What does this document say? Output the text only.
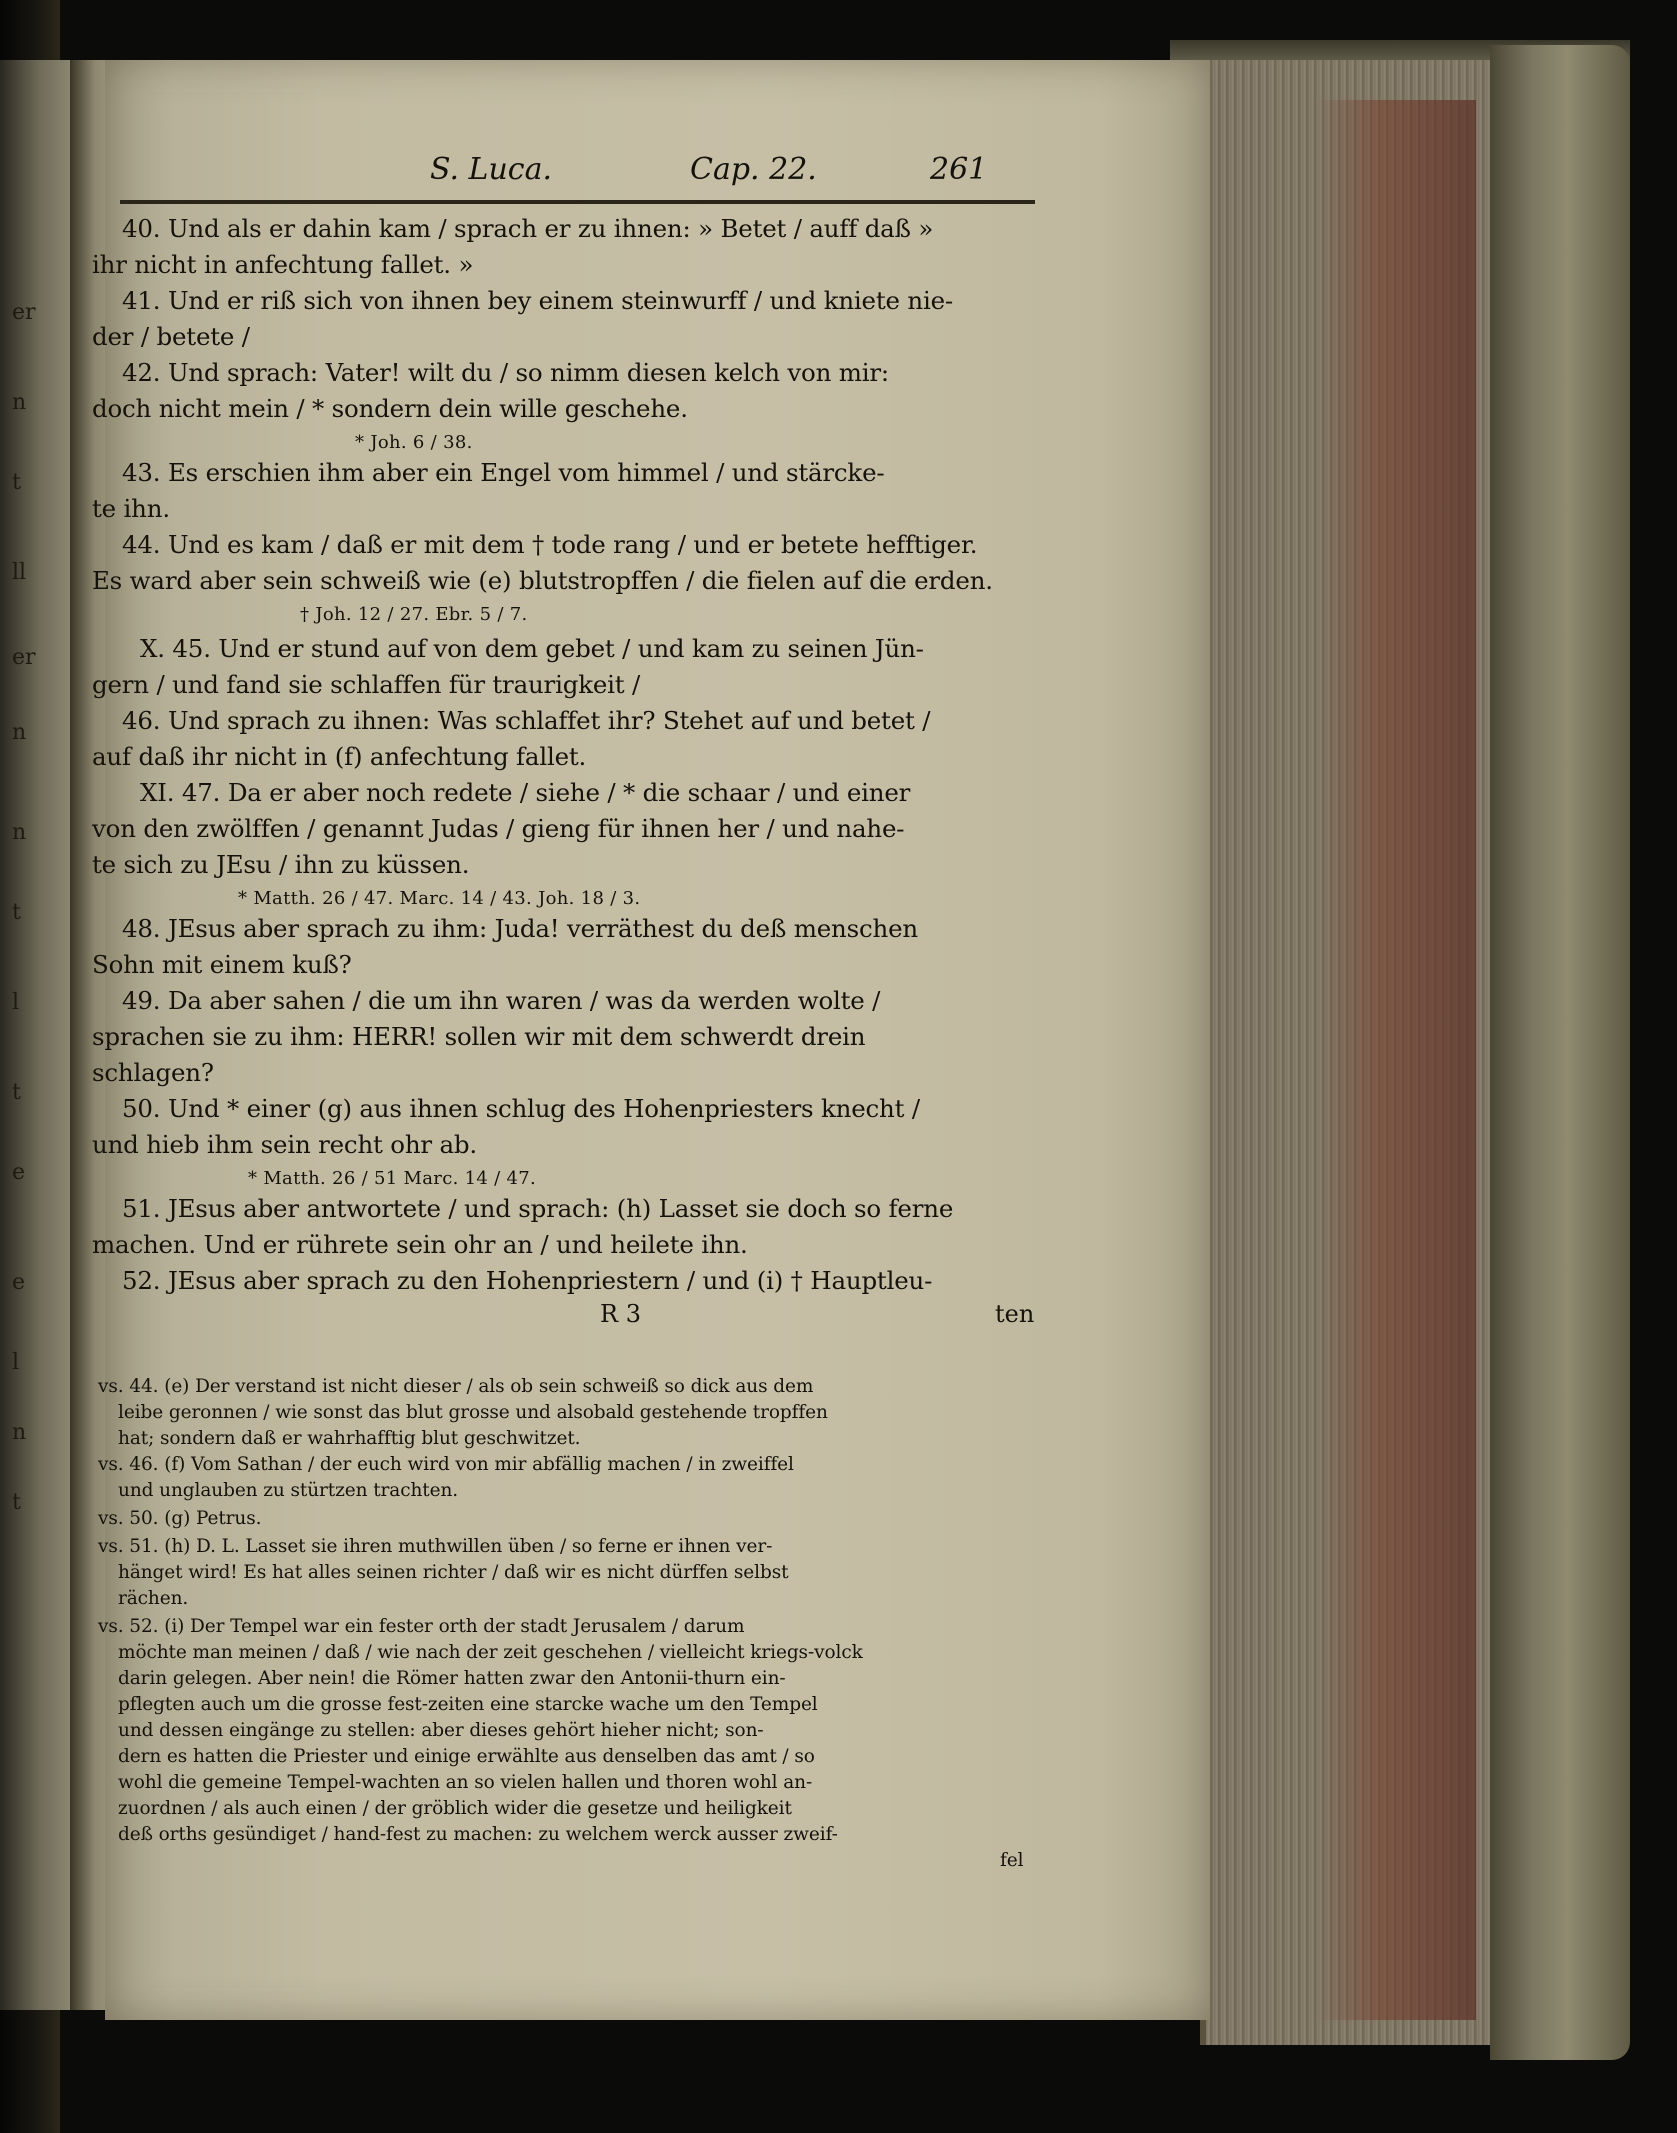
er
n
t
ll
er
n
n
t
l
t
e
e
l
n
t
S. Luca.	Cap. 22.	261
40. Und als er dahin kam / sprach er zu ihnen: » Betet / auff daß »
ihr nicht in anfechtung fallet. »
41. Und er riß sich von ihnen bey einem steinwurff / und kniete nie-
der / betete /
42. Und sprach: Vater! wilt du / so nimm diesen kelch von mir:
doch nicht mein / * sondern dein wille geschehe.
* Joh. 6 / 38.
43. Es erschien ihm aber ein Engel vom himmel / und stärcke-
te ihn.
44. Und es kam / daß er mit dem † tode rang / und er betete hefftiger.
Es ward aber sein schweiß wie (e) blutstropffen / die fielen auf die erden.
† Joh. 12 / 27. Ebr. 5 / 7.
X. 45. Und er stund auf von dem gebet / und kam zu seinen Jün-
gern / und fand sie schlaffen für traurigkeit /
46. Und sprach zu ihnen: Was schlaffet ihr? Stehet auf und betet /
auf daß ihr nicht in (f) anfechtung fallet.
XI. 47. Da er aber noch redete / siehe / * die schaar / und einer
von den zwölffen / genannt Judas / gieng für ihnen her / und nahe-
te sich zu JEsu / ihn zu küssen.
* Matth. 26 / 47. Marc. 14 / 43. Joh. 18 / 3.
48. JEsus aber sprach zu ihm: Juda! verräthest du deß menschen
Sohn mit einem kuß?
49. Da aber sahen / die um ihn waren / was da werden wolte /
sprachen sie zu ihm: HERR! sollen wir mit dem schwerdt drein
schlagen?
50. Und * einer (g) aus ihnen schlug des Hohenpriesters knecht /
und hieb ihm sein recht ohr ab.
* Matth. 26 / 51 Marc. 14 / 47.
51. JEsus aber antwortete / und sprach: (h) Lasset sie doch so ferne
machen. Und er rührete sein ohr an / und heilete ihn.
52. JEsus aber sprach zu den Hohenpriestern / und (i) † Hauptleu-
R 3	ten
vs. 44. (e) Der verstand ist nicht dieser / als ob sein schweiß so dick aus dem
leibe geronnen / wie sonst das blut grosse und alsobald gestehende tropffen
hat; sondern daß er wahrhafftig blut geschwitzet.
vs. 46. (f) Vom Sathan / der euch wird von mir abfällig machen / in zweiffel
und unglauben zu stürtzen trachten.
vs. 50. (g) Petrus.
vs. 51. (h) D. L. Lasset sie ihren muthwillen üben / so ferne er ihnen ver-
hänget wird! Es hat alles seinen richter / daß wir es nicht dürffen selbst
rächen.
vs. 52. (i) Der Tempel war ein fester orth der stadt Jerusalem / darum
möchte man meinen / daß / wie nach der zeit geschehen / vielleicht kriegs-volck
darin gelegen. Aber nein! die Römer hatten zwar den Antonii-thurn ein-
pflegten auch um die grosse fest-zeiten eine starcke wache um den Tempel
und dessen eingänge zu stellen: aber dieses gehört hieher nicht; son-
dern es hatten die Priester und einige erwählte aus denselben das amt / so
wohl die gemeine Tempel-wachten an so vielen hallen und thoren wohl an-
zuordnen / als auch einen / der gröblich wider die gesetze und heiligkeit
deß orths gesündiget / hand-fest zu machen: zu welchem werck ausser zweif-
fel
